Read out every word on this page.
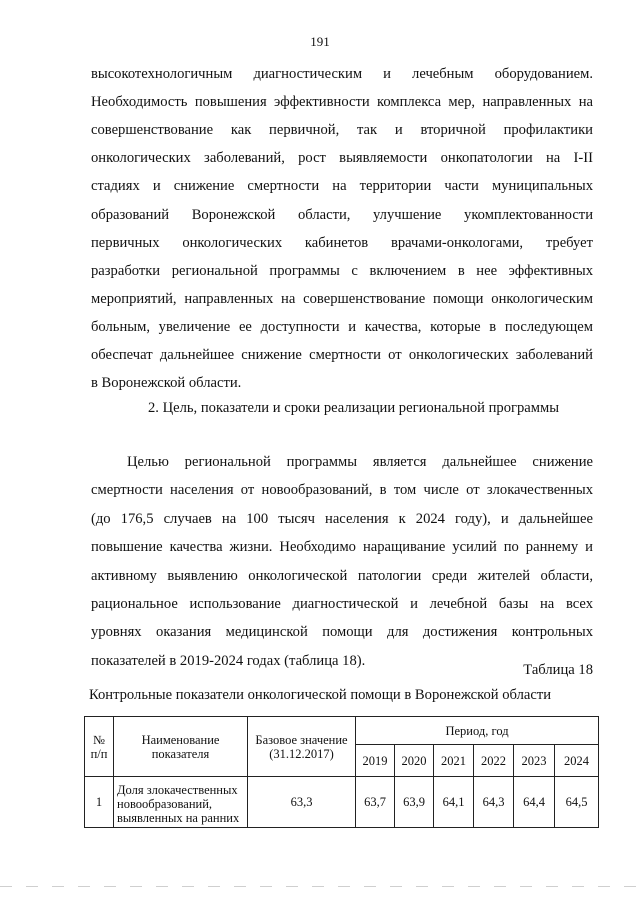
191
высокотехнологичным диагностическим и лечебным оборудованием.
Необходимость повышения эффективности комплекса мер, направленных на
совершенствование как первичной, так и вторичной профилактики
онкологических заболеваний, рост выявляемости онкопатологии на I-II
стадиях и снижение смертности на территории части муниципальных
образований Воронежской области, улучшение укомплектованности
первичных онкологических кабинетов врачами-онкологами, требует
разработки региональной программы с включением в нее эффективных
мероприятий, направленных на совершенствование помощи онкологическим
больным, увеличение ее доступности и качества, которые в последующем
обеспечат дальнейшее снижение смертности от онкологических заболеваний
в Воронежской области.
2. Цель, показатели и сроки реализации региональной программы
Целью региональной программы является дальнейшее снижение
смертности населения от новообразований, в том числе от злокачественных
(до 176,5 случаев на 100 тысяч населения к 2024 году), и дальнейшее
повышение качества жизни. Необходимо наращивание усилий по раннему и
активному выявлению онкологической патологии среди жителей области,
рациональное использование диагностической и лечебной базы на всех
уровнях оказания медицинской помощи для достижения контрольных
показателей в 2019-2024 годах (таблица 18).
Таблица 18
Контрольные показатели онкологической помощи в Воронежской области
№ п/п	Наименование показателя	Базовое значение (31.12.2017)	Период, год					
			2019	2020	2021	2022	2023	2024
1	Доля злокачественных новообразований, выявленных на ранних	63,3	63,7	63,9	64,1	64,3	64,4	64,5
